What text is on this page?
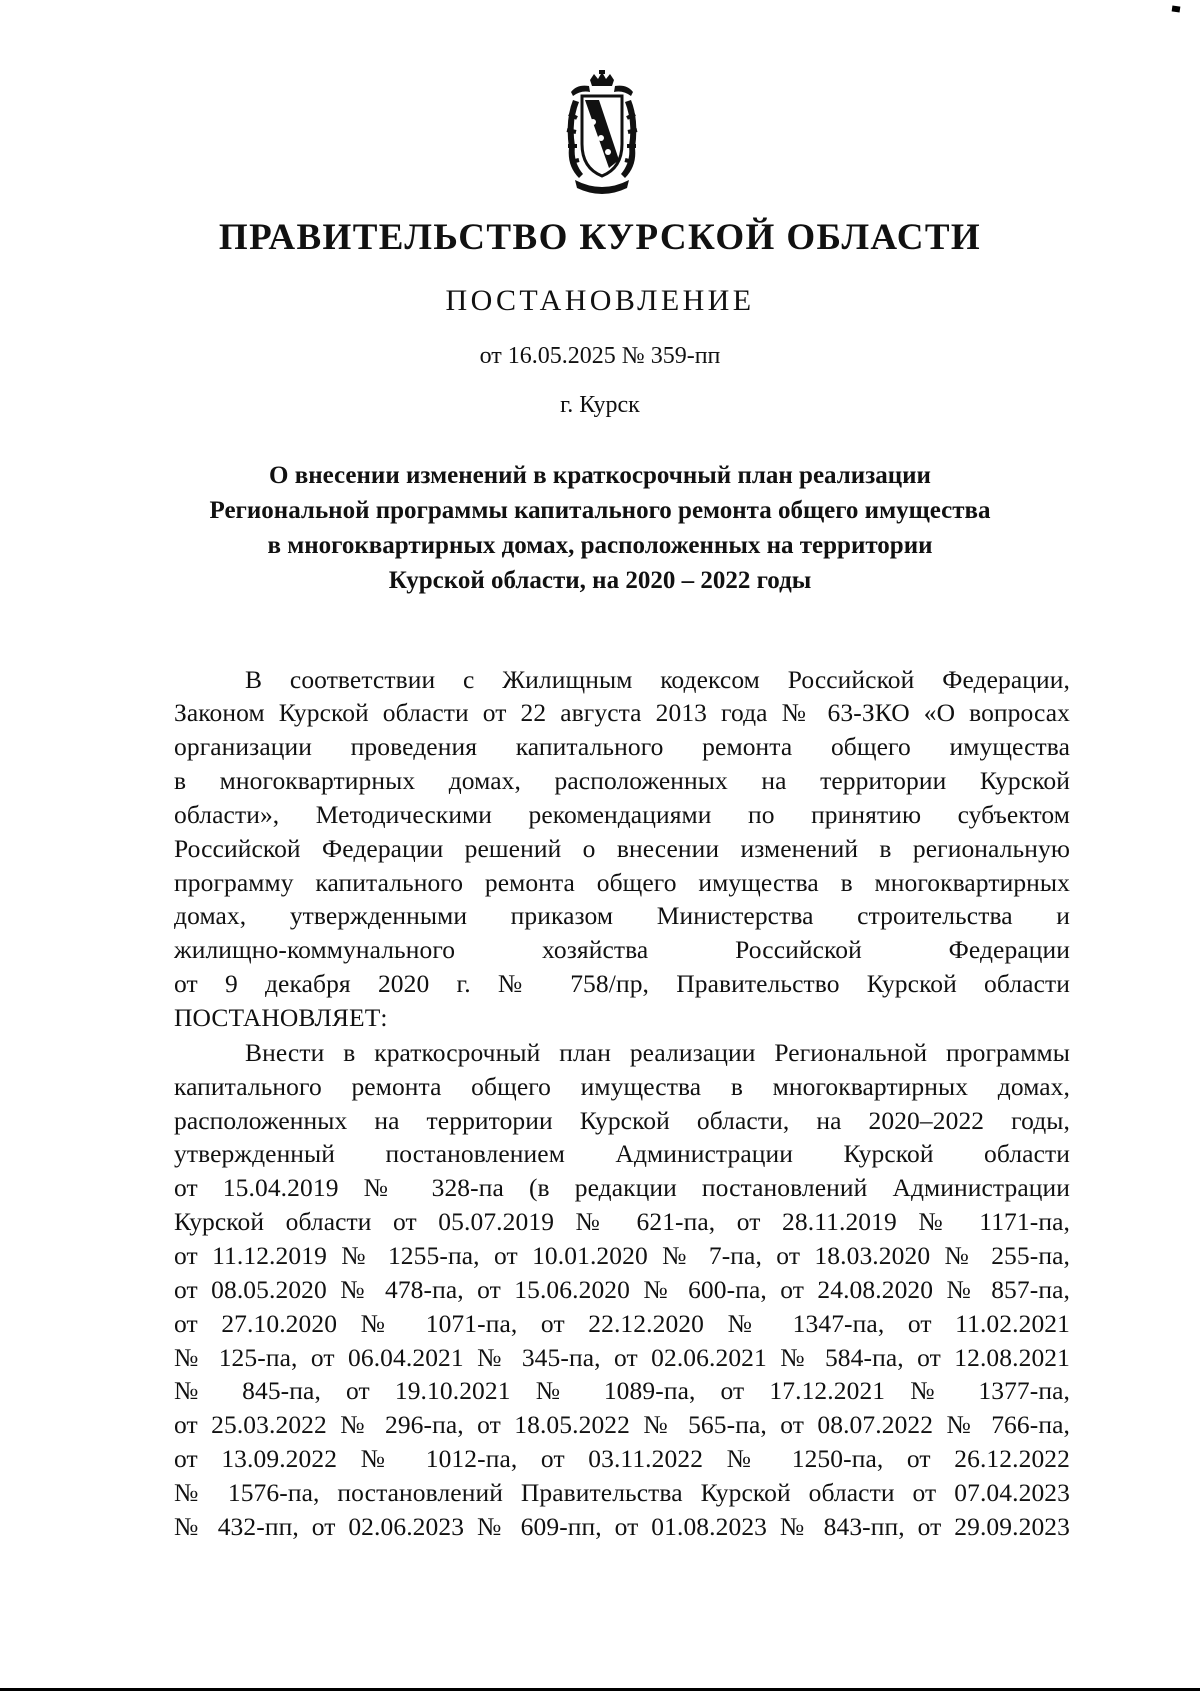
ПРАВИТЕЛЬСТВО КУРСКОЙ ОБЛАСТИ
ПОСТАНОВЛЕНИЕ
от 16.05.2025 № 359-пп
г. Курск
О внесении изменений в краткосрочный план реализации
Региональной программы капитального ремонта общего имущества
в многоквартирных домах, расположенных на территории
Курской области, на 2020 – 2022 годы
В соответствии с Жилищным кодексом Российской Федерации,
Законом Курской области от 22 августа 2013 года № 63-ЗКО «О вопросах
организации проведения капитального ремонта общего имущества
в многоквартирных домах, расположенных на территории Курской
области», Методическими рекомендациями по принятию субъектом
Российской Федерации решений о внесении изменений в региональную
программу капитального ремонта общего имущества в многоквартирных
домах, утвержденными приказом Министерства строительства и
жилищно-коммунального хозяйства Российской Федерации
от 9 декабря 2020 г. № 758/пр, Правительство Курской области
ПОСТАНОВЛЯЕТ:
Внести в краткосрочный план реализации Региональной программы
капитального ремонта общего имущества в многоквартирных домах,
расположенных на территории Курской области, на 2020–2022 годы,
утвержденный постановлением Администрации Курской области
от 15.04.2019 № 328-па (в редакции постановлений Администрации
Курской области от 05.07.2019 № 621-па, от 28.11.2019 № 1171-па,
от 11.12.2019 № 1255-па, от 10.01.2020 № 7-па, от 18.03.2020 № 255-па,
от 08.05.2020 № 478-па, от 15.06.2020 № 600-па, от 24.08.2020 № 857-па,
от 27.10.2020 № 1071-па, от 22.12.2020 № 1347-па, от 11.02.2021
№ 125-па, от 06.04.2021 № 345-па, от 02.06.2021 № 584-па, от 12.08.2021
№ 845-па, от 19.10.2021 № 1089-па, от 17.12.2021 № 1377-па,
от 25.03.2022 № 296-па, от 18.05.2022 № 565-па, от 08.07.2022 № 766-па,
от 13.09.2022 № 1012-па, от 03.11.2022 № 1250-па, от 26.12.2022
№ 1576-па, постановлений Правительства Курской области от 07.04.2023
№ 432-пп, от 02.06.2023 № 609-пп, от 01.08.2023 № 843-пп, от 29.09.2023
